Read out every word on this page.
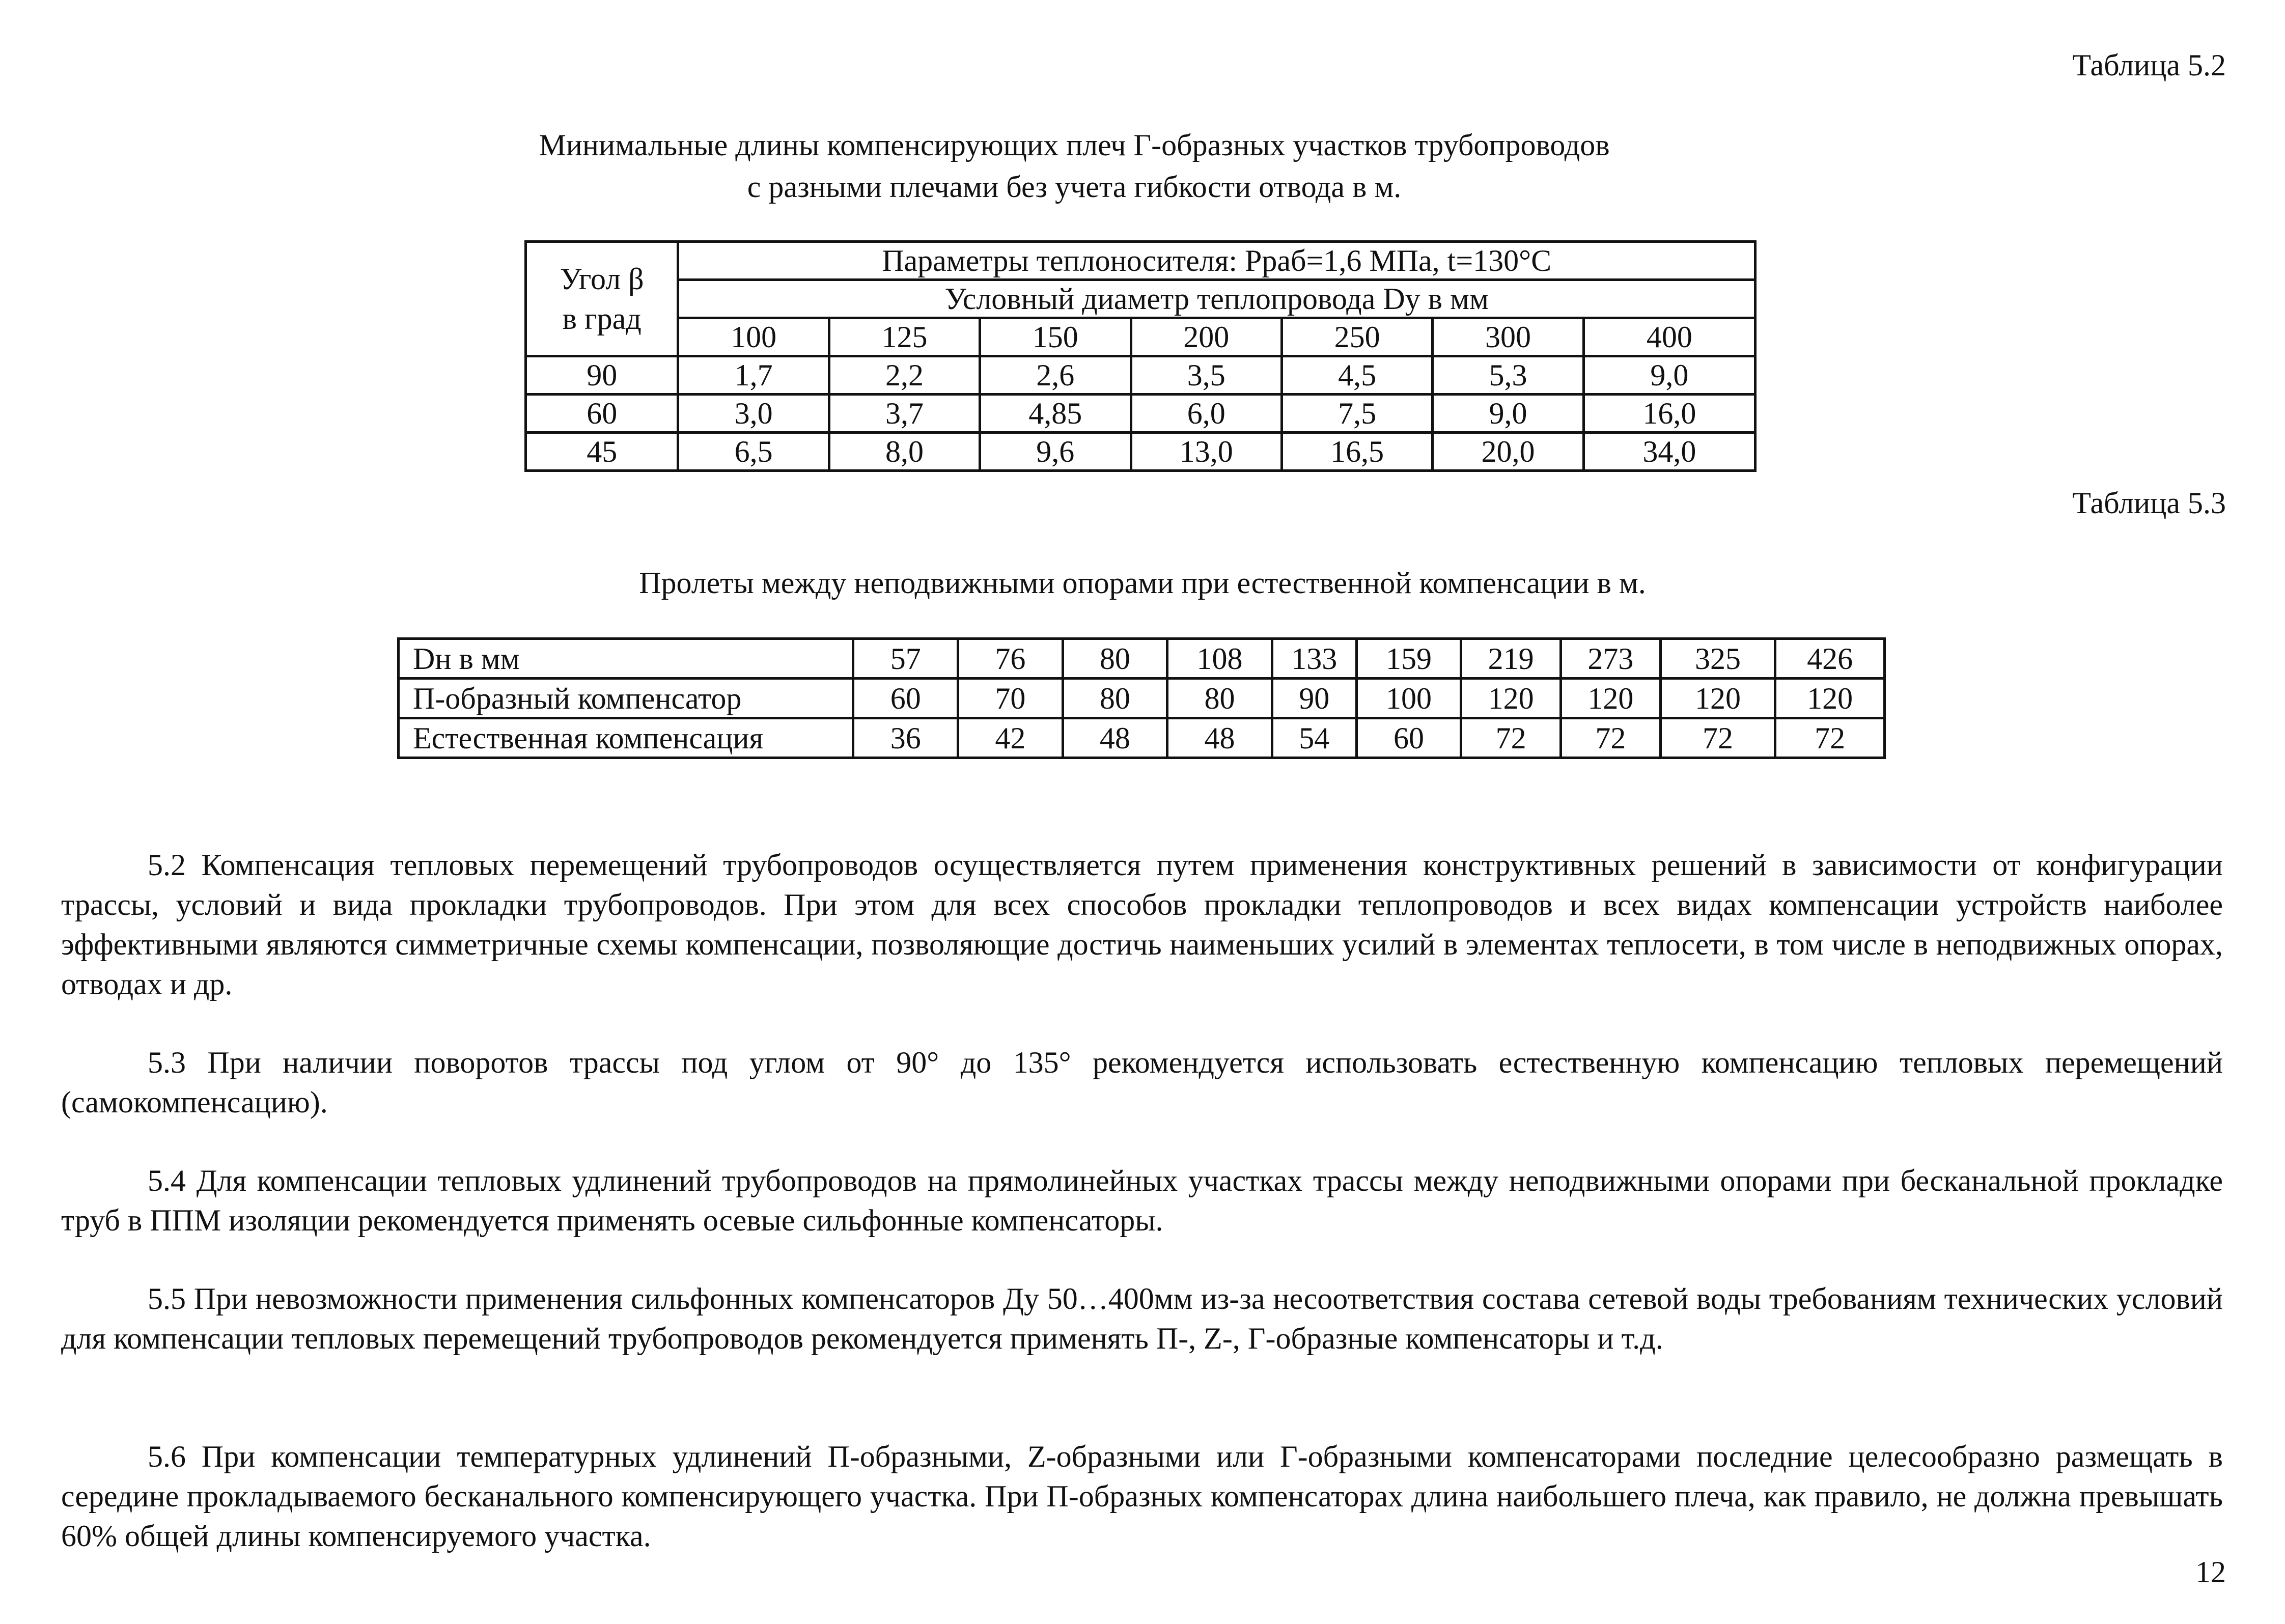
Таблица 5.2
Минимальные длины компенсирующих плеч Г-образных участков трубопроводов
с разными плечами без учета гибкости отвода в м.
Угол β
в град	Параметры теплоносителя: Ppaб=1,6 МПа, t=130°C						
	Условный диаметр теплопровода Dy в мм						
	100	125	150	200	250	300	400
90	1,7	2,2	2,6	3,5	4,5	5,3	9,0
60	3,0	3,7	4,85	6,0	7,5	9,0	16,0
45	6,5	8,0	9,6	13,0	16,5	20,0	34,0
Таблица 5.3
Пролеты между неподвижными опорами при естественной компенсации в м.
Dн в мм	57	76	80	108	133	159	219	273	325	426
П-образный компенсатор	60	70	80	80	90	100	120	120	120	120
Естественная компенсация	36	42	48	48	54	60	72	72	72	72

5.2 Компенсация тепловых перемещений трубопроводов осуществляется путем применения конструктивных решений в зависимости от конфигурации трассы, условий и вида прокладки трубопроводов. При этом для всех способов прокладки теплопроводов и всех видах компенсации устройств наиболее эффективными являются симметричные схемы компенсации, позволяющие достичь наименьших усилий в элементах теплосети, в том числе в неподвижных опорах, отводах и др.

5.3 При наличии поворотов трассы под углом от 90° до 135° рекомендуется использовать естественную компенсацию тепловых перемещений (самокомпенсацию).

5.4 Для компенсации тепловых удлинений трубопроводов на прямолинейных участках трассы между неподвижными опорами при бесканальной прокладке труб в ППМ изоляции рекомендуется применять осевые сильфонные компенсаторы.

5.5 При невозможности применения сильфонных компенсаторов Ду 50…400мм из-за несоответствия состава сетевой воды требованиям технических условий для компенсации тепловых перемещений трубопроводов рекомендуется применять П-, Z-, Г-образные компенсаторы и т.д.

5.6 При компенсации температурных удлинений П-образными, Z-образными или Г-образными компенсаторами последние целесообразно размещать в середине прокладываемого бесканального компенсирующего участка. При П-образных компенсаторах длина наибольшего плеча, как правило, не должна превышать 60% общей длины компенсируемого участка.

12
